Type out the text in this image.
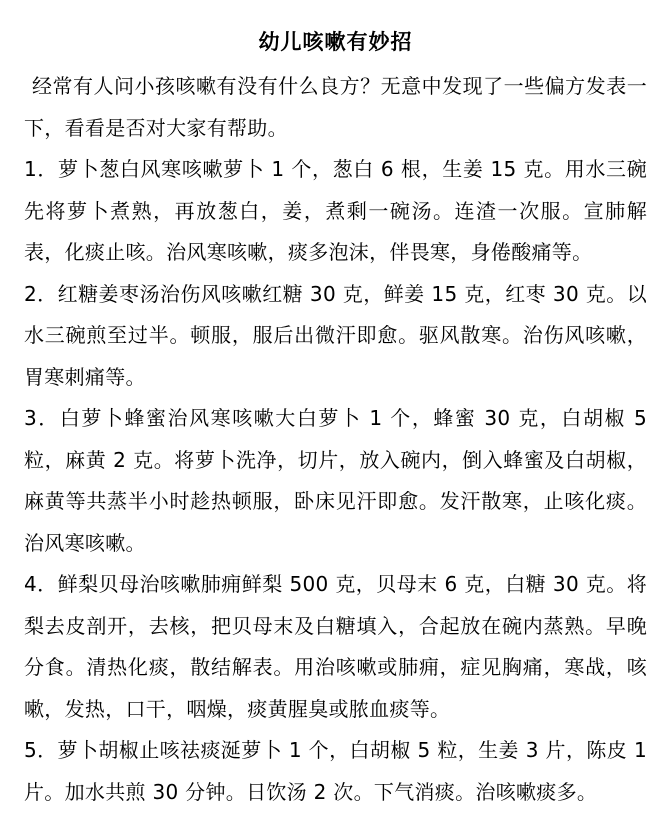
幼儿咳嗽有妙招

经常有人问小孩咳嗽有没有什么良方？无意中发现了一些偏方发表一下，看看是否对大家有帮助。

1．萝卜葱白风寒咳嗽萝卜 1 个，葱白 6 根，生姜 15 克。用水三碗先将萝卜煮熟，再放葱白，姜，煮剩一碗汤。连渣一次服。宣肺解表，化痰止咳。治风寒咳嗽，痰多泡沫，伴畏寒，身倦酸痛等。

2．红糖姜枣汤治伤风咳嗽红糖 30 克，鲜姜 15 克，红枣 30 克。以水三碗煎至过半。顿服，服后出微汗即愈。驱风散寒。治伤风咳嗽，胃寒刺痛等。

3．白萝卜蜂蜜治风寒咳嗽大白萝卜 1 个，蜂蜜 30 克，白胡椒 5 粒，麻黄 2 克。将萝卜洗净，切片，放入碗内，倒入蜂蜜及白胡椒，麻黄等共蒸半小时趁热顿服，卧床见汗即愈。发汗散寒，止咳化痰。治风寒咳嗽。

4．鲜梨贝母治咳嗽肺痈鲜梨 500 克，贝母末 6 克，白糖 30 克。将梨去皮剖开，去核，把贝母末及白糖填入，合起放在碗内蒸熟。早晚分食。清热化痰，散结解表。用治咳嗽或肺痈，症见胸痛，寒战，咳嗽，发热，口干，咽燥，痰黄腥臭或脓血痰等。

5．萝卜胡椒止咳祛痰涎萝卜 1 个，白胡椒 5 粒，生姜 3 片，陈皮 1 片。加水共煎 30 分钟。日饮汤 2 次。下气消痰。治咳嗽痰多。
